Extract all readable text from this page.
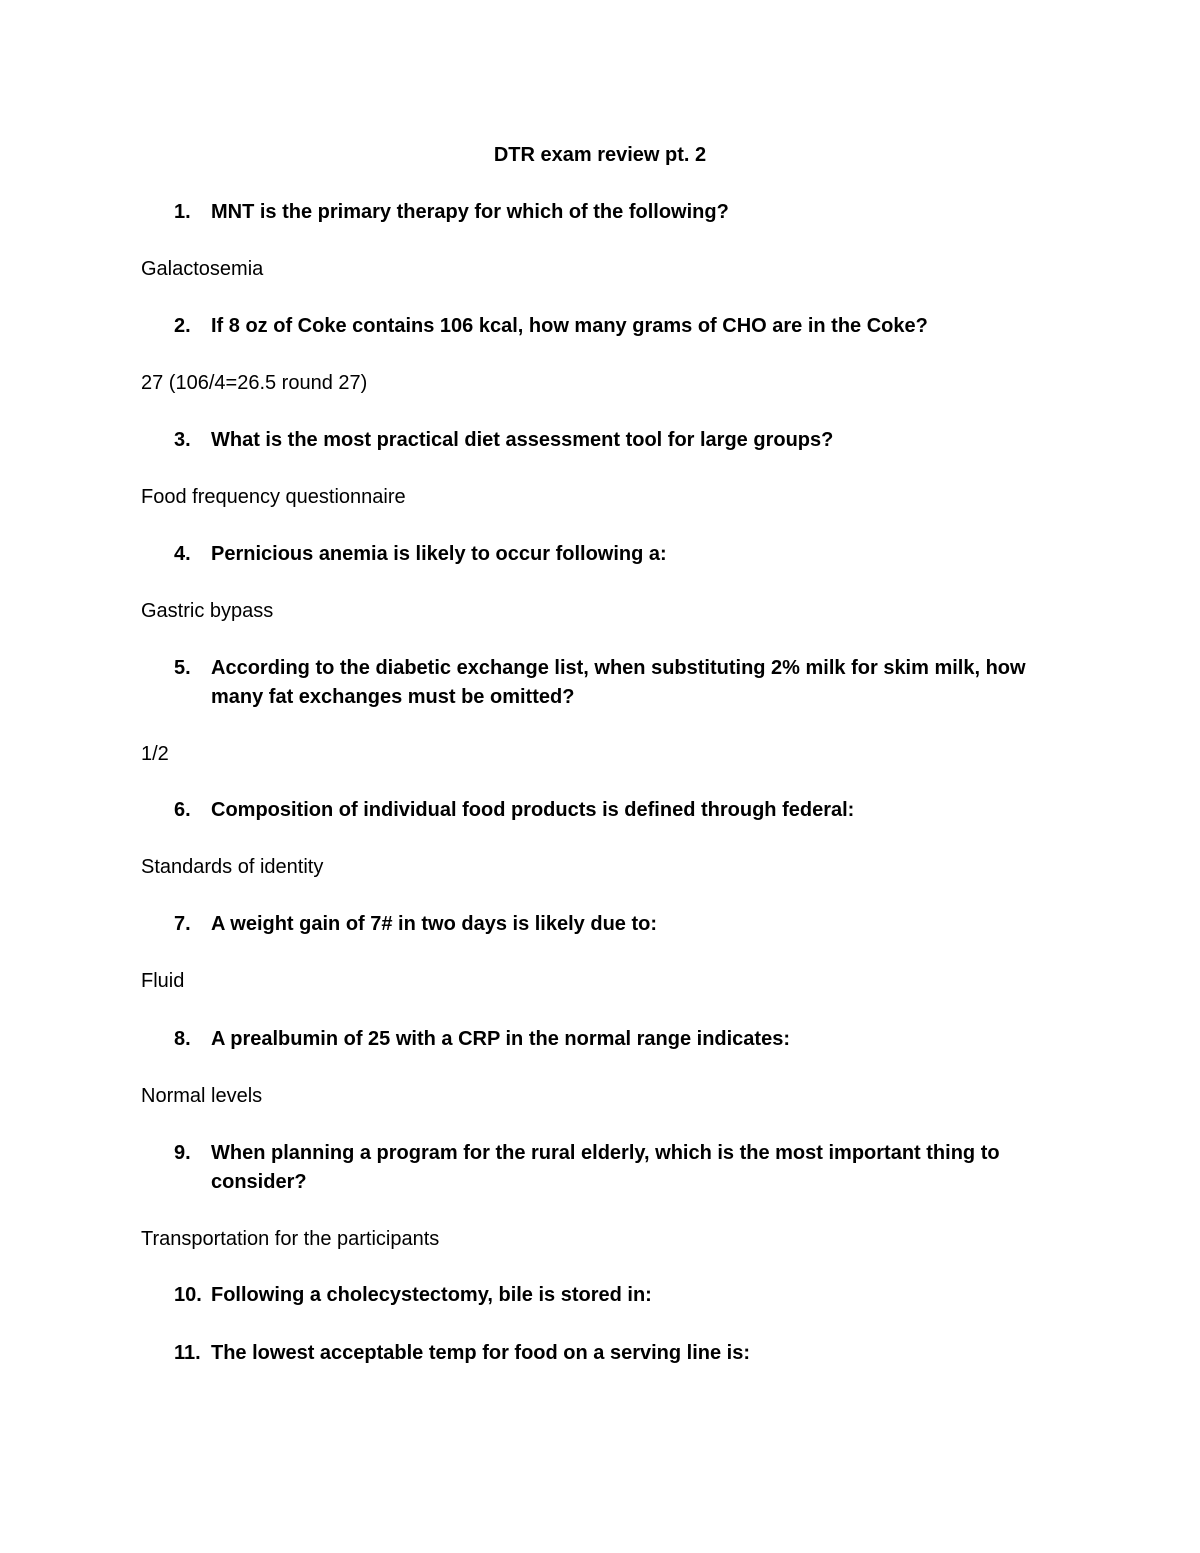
DTR exam review pt. 2
1.	MNT is the primary therapy for which of the following?

Galactosemia

2.	If 8 oz of Coke contains 106 kcal, how many grams of CHO are in the Coke?

27 (106/4=26.5 round 27)

3.	What is the most practical diet assessment tool for large groups?

Food frequency questionnaire

4.	Pernicious anemia is likely to occur following a:

Gastric bypass

5.	According to the diabetic exchange list, when substituting 2% milk for skim milk, how many fat exchanges must be omitted?

1/2

6.	Composition of individual food products is defined through federal:

Standards of identity

7.	A weight gain of 7# in two days is likely due to:

Fluid

8.	A prealbumin of 25 with a CRP in the normal range indicates:

Normal levels

9.	When planning a program for the rural elderly, which is the most important thing to consider?

Transportation for the participants

10. Following a cholecystectomy, bile is stored in:
11. The lowest acceptable temp for food on a serving line is:
